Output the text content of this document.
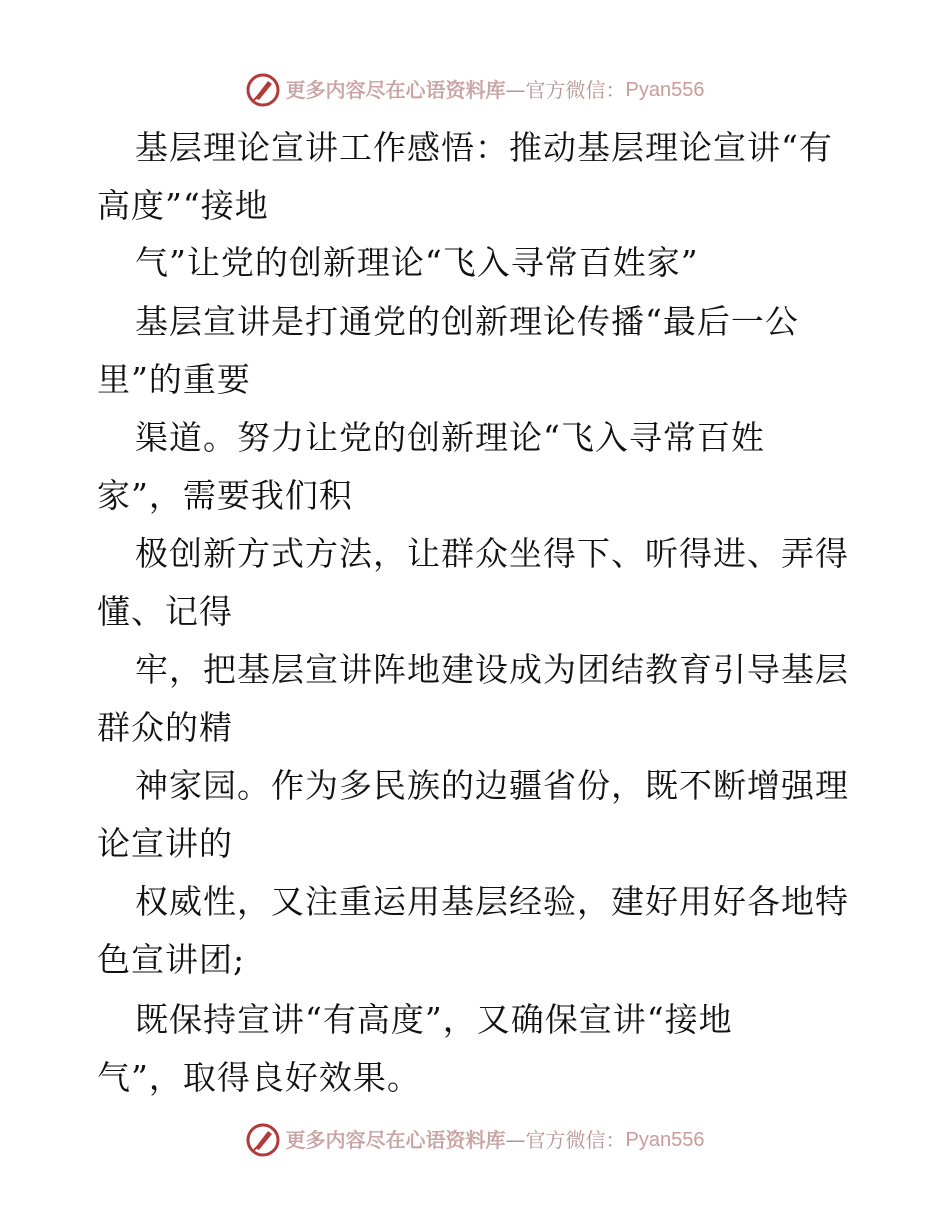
更多内容尽在心语资料库 —官方微信： Pyan556

基层理论宣讲工作感悟：推动基层理论宣讲“有

高度”“接地

气”让党的创新理论“飞入寻常百姓家”

基层宣讲是打通党的创新理论传播“最后一公

里”的重要

渠道。努力让党的创新理论“飞入寻常百姓

家”，需要我们积

极创新方式方法，让群众坐得下、听得进、弄得

懂、记得

牢，把基层宣讲阵地建设成为团结教育引导基层

群众的精

神家园。作为多民族的边疆省份，既不断增强理

论宣讲的

权威性，又注重运用基层经验，建好用好各地特

色宣讲团;

既保持宣讲“有高度”，又确保宣讲“接地

气”，取得良好效果。

更多内容尽在心语资料库 —官方微信： Pyan556
